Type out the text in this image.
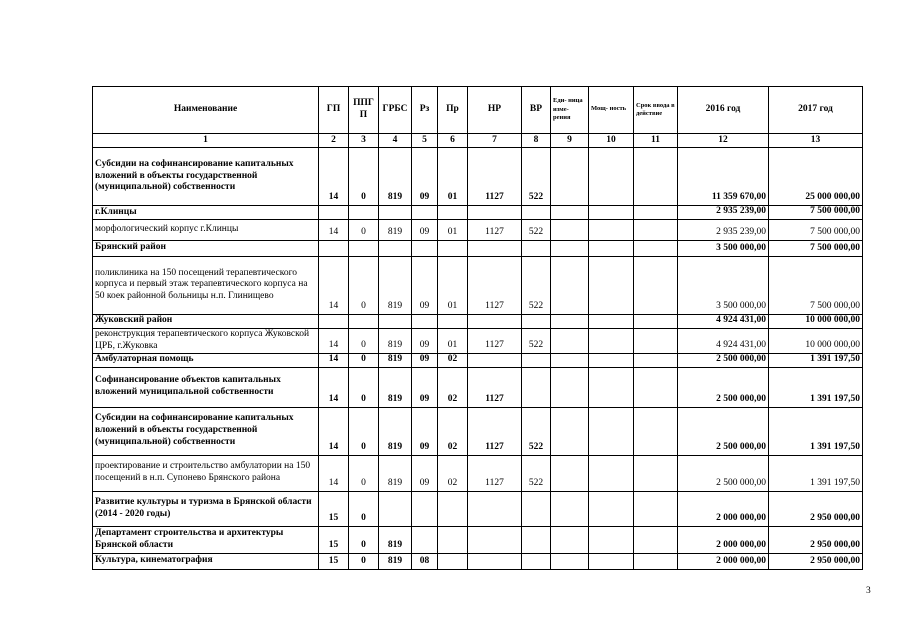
Наименование	ГП	ППГ П	ГРБС	Рз	Пр	НР	ВР	Еди- ница изме- рения	Мощ- ность	Срок ввода в действие	2016 год	2017 год
1	2	3	4	5	6	7	8	9	10	11	12	13
Субсидии на софинансирование капитальных вложений в объекты государственной (муниципальной) собственности	14	0	819	09	01	1127	522				11 359 670,00	25 000 000,00
г.Клинцы											2 935 239,00	7 500 000,00
морфологический корпус г.Клинцы	14	0	819	09	01	1127	522				2 935 239,00	7 500 000,00
Брянский район											3 500 000,00	7 500 000,00
поликлиника на 150 посещений терапевтического корпуса и первый этаж терапевтического корпуса на 50 коек районной больницы н.п. Глинищево	14	0	819	09	01	1127	522				3 500 000,00	7 500 000,00
Жуковский район											4 924 431,00	10 000 000,00
реконструкция терапевтического корпуса Жуковской ЦРБ, г.Жуковка	14	0	819	09	01	1127	522				4 924 431,00	10 000 000,00
Амбулаторная помощь	14	0	819	09	02						2 500 000,00	1 391 197,50
Софинансирование объектов капитальных вложений муниципальной собственности	14	0	819	09	02	1127					2 500 000,00	1 391 197,50
Субсидии на софинансирование капитальных вложений в объекты государственной (муниципальной) собственности	14	0	819	09	02	1127	522				2 500 000,00	1 391 197,50
проектирование и строительство амбулатории на 150 посещений в н.п. Супонево Брянского района	14	0	819	09	02	1127	522				2 500 000,00	1 391 197,50
Развитие культуры и туризма в Брянской области (2014 - 2020 годы)	15	0									2 000 000,00	2 950 000,00
Департамент строительства и архитектуры Брянской области	15	0	819								2 000 000,00	2 950 000,00
Культура, кинематография	15	0	819	08							2 000 000,00	2 950 000,00
3
